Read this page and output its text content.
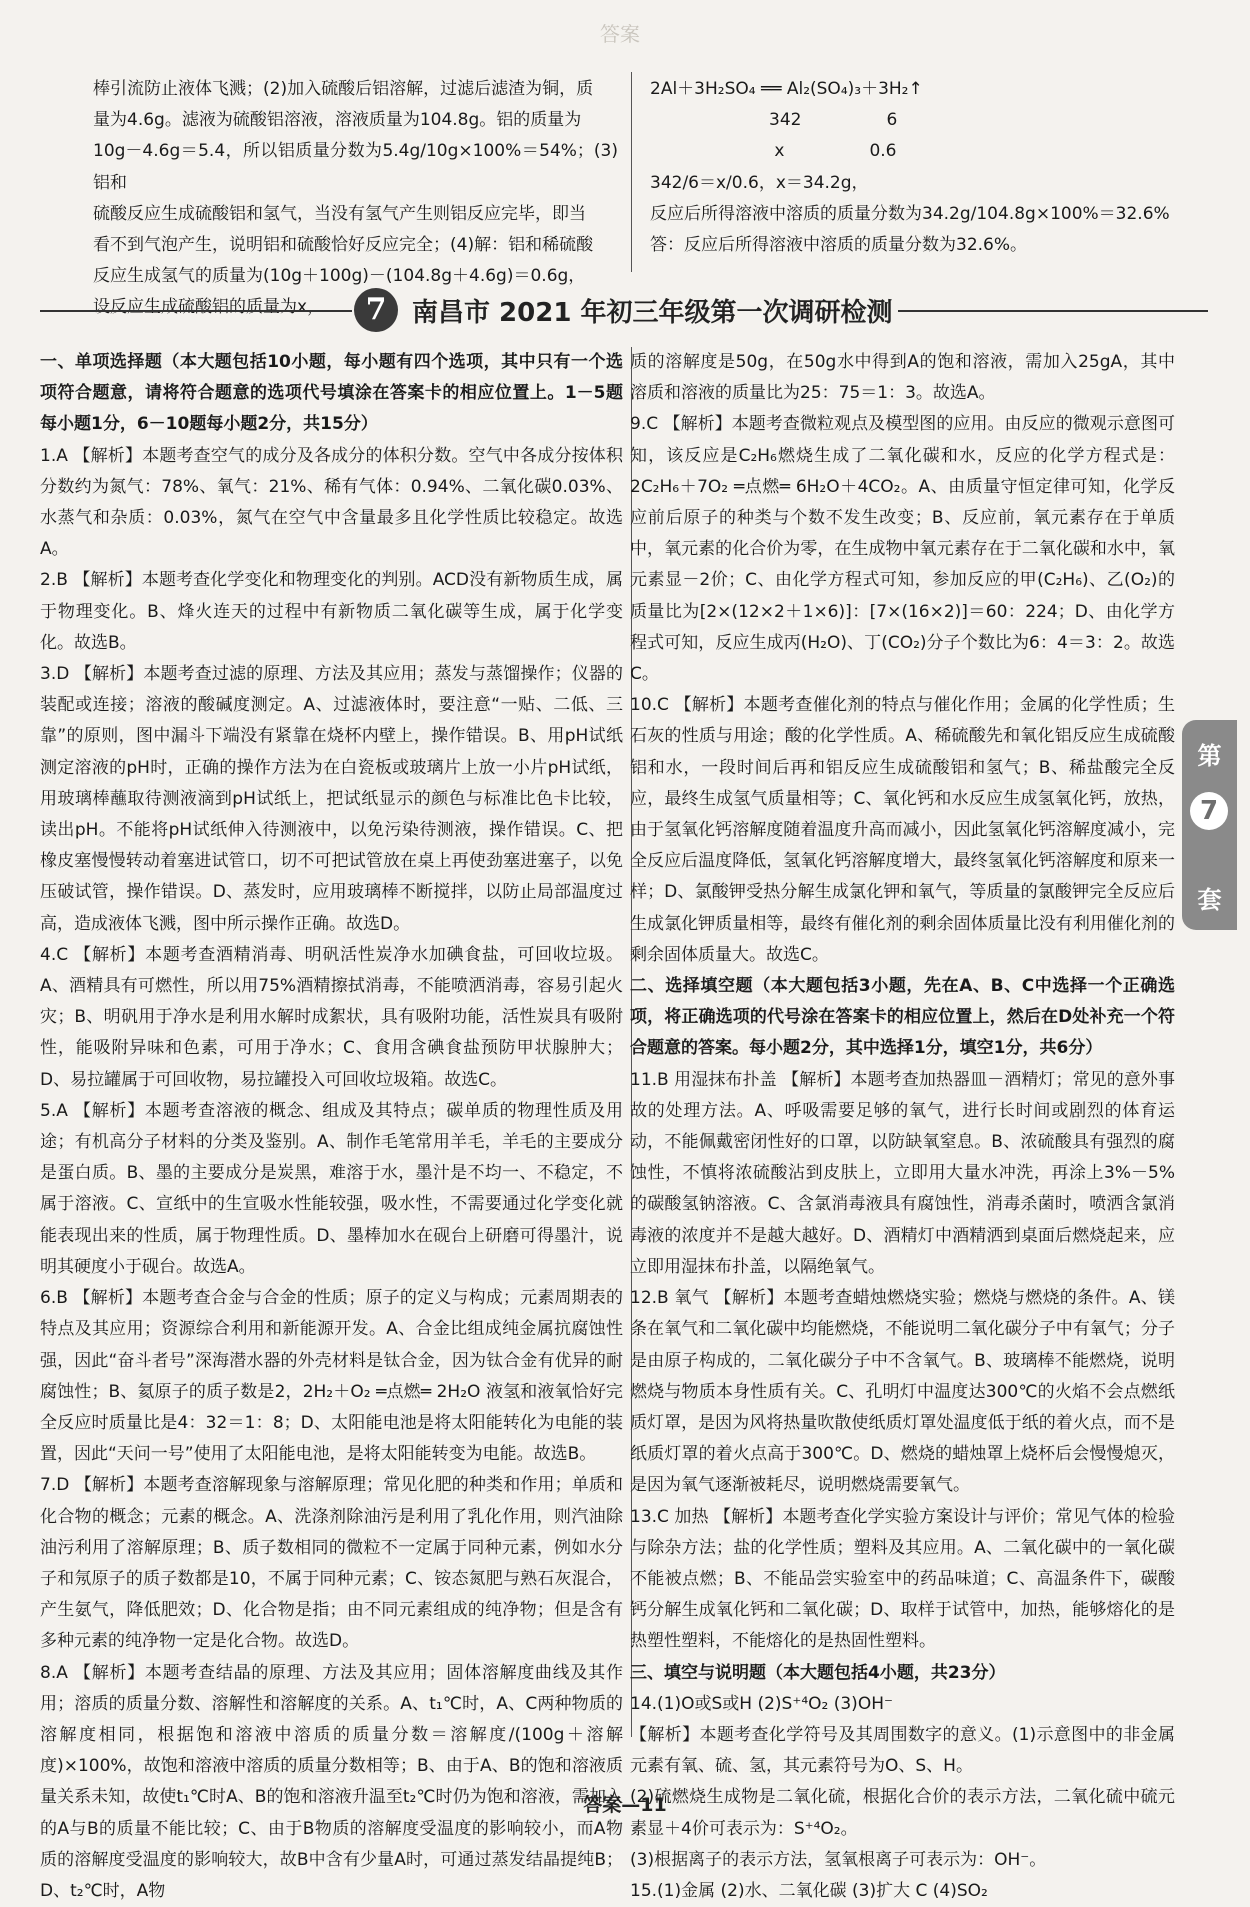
答案

棒引流防止液体飞溅；(2)加入硫酸后铝溶解，过滤后滤渣为铜，质

量为4.6g。滤液为硫酸铝溶液，溶液质量为104.8g。铝的质量为

10g－4.6g＝5.4，所以铝质量分数为5.4g/10g×100%＝54%；(3)铝和

硫酸反应生成硫酸铝和氢气，当没有氢气产生则铝反应完毕，即当

看不到气泡产生，说明铝和硫酸恰好反应完全；(4)解：铝和稀硫酸

反应生成氢气的质量为(10g＋100g)－(104.8g＋4.6g)＝0.6g，

设反应生成硫酸铝的质量为x，

2Al＋3H₂SO₄ ══ Al₂(SO₄)₃＋3H₂↑

　　　　　　　342　　　　　6

　　　　　　　 x　　　　　0.6

342/6＝x/0.6，x＝34.2g，

反应后所得溶液中溶质的质量分数为34.2g/104.8g×100%＝32.6%

答：反应后所得溶液中溶质的质量分数为32.6%。

7 南昌市 2021 年初三年级第一次调研检测

一、单项选择题（本大题包括10小题，每小题有四个选项，其中只有一个选项符合题意，请将符合题意的选项代号填涂在答案卡的相应位置上。1－5题每小题1分，6－10题每小题2分，共15分）

1.A 【解析】本题考查空气的成分及各成分的体积分数。空气中各成分按体积分数约为氮气：78%、氧气：21%、稀有气体：0.94%、二氧化碳0.03%、水蒸气和杂质：0.03%，氮气在空气中含量最多且化学性质比较稳定。故选A。

2.B 【解析】本题考查化学变化和物理变化的判别。ACD没有新物质生成，属于物理变化。B、烽火连天的过程中有新物质二氧化碳等生成，属于化学变化。故选B。

3.D 【解析】本题考查过滤的原理、方法及其应用；蒸发与蒸馏操作；仪器的装配或连接；溶液的酸碱度测定。A、过滤液体时，要注意“一贴、二低、三靠”的原则，图中漏斗下端没有紧靠在烧杯内壁上，操作错误。B、用pH试纸测定溶液的pH时，正确的操作方法为在白瓷板或玻璃片上放一小片pH试纸，用玻璃棒蘸取待测液滴到pH试纸上，把试纸显示的颜色与标准比色卡比较，读出pH。不能将pH试纸伸入待测液中，以免污染待测液，操作错误。C、把橡皮塞慢慢转动着塞进试管口，切不可把试管放在桌上再使劲塞进塞子，以免压破试管，操作错误。D、蒸发时，应用玻璃棒不断搅拌，以防止局部温度过高，造成液体飞溅，图中所示操作正确。故选D。

4.C 【解析】本题考查酒精消毒、明矾活性炭净水加碘食盐，可回收垃圾。A、酒精具有可燃性，所以用75%酒精擦拭消毒，不能喷洒消毒，容易引起火灾；B、明矾用于净水是利用水解时成絮状，具有吸附功能，活性炭具有吸附性，能吸附异味和色素，可用于净水；C、食用含碘食盐预防甲状腺肿大；D、易拉罐属于可回收物，易拉罐投入可回收垃圾箱。故选C。

5.A 【解析】本题考查溶液的概念、组成及其特点；碳单质的物理性质及用途；有机高分子材料的分类及鉴别。A、制作毛笔常用羊毛，羊毛的主要成分是蛋白质。B、墨的主要成分是炭黑，难溶于水，墨汁是不均一、不稳定，不属于溶液。C、宣纸中的生宣吸水性能较强，吸水性，不需要通过化学变化就能表现出来的性质，属于物理性质。D、墨棒加水在砚台上研磨可得墨汁，说明其硬度小于砚台。故选A。

6.B 【解析】本题考查合金与合金的性质；原子的定义与构成；元素周期表的特点及其应用；资源综合利用和新能源开发。A、合金比组成纯金属抗腐蚀性强，因此“奋斗者号”深海潜水器的外壳材料是钛合金，因为钛合金有优异的耐腐蚀性；B、氦原子的质子数是2，2H₂＋O₂ ═点燃═ 2H₂O 液氢和液氧恰好完全反应时质量比是4：32＝1：8；D、太阳能电池是将太阳能转化为电能的装置，因此“天问一号”使用了太阳能电池，是将太阳能转变为电能。故选B。

7.D 【解析】本题考查溶解现象与溶解原理；常见化肥的种类和作用；单质和化合物的概念；元素的概念。A、洗涤剂除油污是利用了乳化作用，则汽油除油污利用了溶解原理；B、质子数相同的微粒不一定属于同种元素，例如水分子和氖原子的质子数都是10，不属于同种元素；C、铵态氮肥与熟石灰混合，产生氨气，降低肥效；D、化合物是指；由不同元素组成的纯净物；但是含有多种元素的纯净物一定是化合物。故选D。

8.A 【解析】本题考查结晶的原理、方法及其应用；固体溶解度曲线及其作用；溶质的质量分数、溶解性和溶解度的关系。A、t₁℃时，A、C两种物质的溶解度相同，根据饱和溶液中溶质的质量分数＝溶解度/(100g＋溶解度)×100%，故饱和溶液中溶质的质量分数相等；B、由于A、B的饱和溶液质量关系未知，故使t₁℃时A、B的饱和溶液升温至t₂℃时仍为饱和溶液，需加入的A与B的质量不能比较；C、由于B物质的溶解度受温度的影响较小，而A物质的溶解度受温度的影响较大，故B中含有少量A时，可通过蒸发结晶提纯B；D、t₂℃时，A物

质的溶解度是50g，在50g水中得到A的饱和溶液，需加入25gA，其中溶质和溶液的质量比为25：75＝1：3。故选A。

9.C 【解析】本题考查微粒观点及模型图的应用。由反应的微观示意图可知，该反应是C₂H₆燃烧生成了二氧化碳和水，反应的化学方程式是：2C₂H₆＋7O₂ ═点燃═ 6H₂O＋4CO₂。A、由质量守恒定律可知，化学反应前后原子的种类与个数不发生改变；B、反应前，氧元素存在于单质中，氧元素的化合价为零，在生成物中氧元素存在于二氧化碳和水中，氧元素显－2价；C、由化学方程式可知，参加反应的甲(C₂H₆)、乙(O₂)的质量比为[2×(12×2＋1×6)]：[7×(16×2)]＝60：224；D、由化学方程式可知，反应生成丙(H₂O)、丁(CO₂)分子个数比为6：4＝3：2。故选C。

10.C 【解析】本题考查催化剂的特点与催化作用；金属的化学性质；生石灰的性质与用途；酸的化学性质。A、稀硫酸先和氧化铝反应生成硫酸铝和水，一段时间后再和铝反应生成硫酸铝和氢气；B、稀盐酸完全反应，最终生成氢气质量相等；C、氧化钙和水反应生成氢氧化钙，放热，由于氢氧化钙溶解度随着温度升高而减小，因此氢氧化钙溶解度减小，完全反应后温度降低，氢氧化钙溶解度增大，最终氢氧化钙溶解度和原来一样；D、氯酸钾受热分解生成氯化钾和氧气，等质量的氯酸钾完全反应后生成氯化钾质量相等，最终有催化剂的剩余固体质量比没有利用催化剂的剩余固体质量大。故选C。

二、选择填空题（本大题包括3小题，先在A、B、C中选择一个正确选项，将正确选项的代号涂在答案卡的相应位置上，然后在D处补充一个符合题意的答案。每小题2分，其中选择1分，填空1分，共6分）

11.B 用湿抹布扑盖 【解析】本题考查加热器皿－酒精灯；常见的意外事故的处理方法。A、呼吸需要足够的氧气，进行长时间或剧烈的体育运动，不能佩戴密闭性好的口罩，以防缺氧窒息。B、浓硫酸具有强烈的腐蚀性，不慎将浓硫酸沾到皮肤上，立即用大量水冲洗，再涂上3%－5%的碳酸氢钠溶液。C、含氯消毒液具有腐蚀性，消毒杀菌时，喷洒含氯消毒液的浓度并不是越大越好。D、酒精灯中酒精洒到桌面后燃烧起来，应立即用湿抹布扑盖，以隔绝氧气。

12.B 氧气 【解析】本题考查蜡烛燃烧实验；燃烧与燃烧的条件。A、镁条在氧气和二氧化碳中均能燃烧，不能说明二氧化碳分子中有氧气；分子是由原子构成的，二氧化碳分子中不含氧气。B、玻璃棒不能燃烧，说明燃烧与物质本身性质有关。C、孔明灯中温度达300℃的火焰不会点燃纸质灯罩，是因为风将热量吹散使纸质灯罩处温度低于纸的着火点，而不是纸质灯罩的着火点高于300℃。D、燃烧的蜡烛罩上烧杯后会慢慢熄灭，是因为氧气逐渐被耗尽，说明燃烧需要氧气。

13.C 加热 【解析】本题考查化学实验方案设计与评价；常见气体的检验与除杂方法；盐的化学性质；塑料及其应用。A、二氧化碳中的一氧化碳不能被点燃；B、不能品尝实验室中的药品味道；C、高温条件下，碳酸钙分解生成氧化钙和二氧化碳；D、取样于试管中，加热，能够熔化的是热塑性塑料，不能熔化的是热固性塑料。

三、填空与说明题（本大题包括4小题，共23分）

14.(1)O或S或H (2)S⁺⁴O₂ (3)OH⁻

【解析】本题考查化学符号及其周围数字的意义。(1)示意图中的非金属元素有氧、硫、氢，其元素符号为O、S、H。

(2)硫燃烧生成物是二氧化硫，根据化合价的表示方法，二氧化硫中硫元素显＋4价可表示为：S⁺⁴O₂。

(3)根据离子的表示方法，氢氧根离子可表示为：OH⁻。

15.(1)金属 (2)水、二氧化碳 (3)扩大 C (4)SO₂

第
7
套
答案—11
